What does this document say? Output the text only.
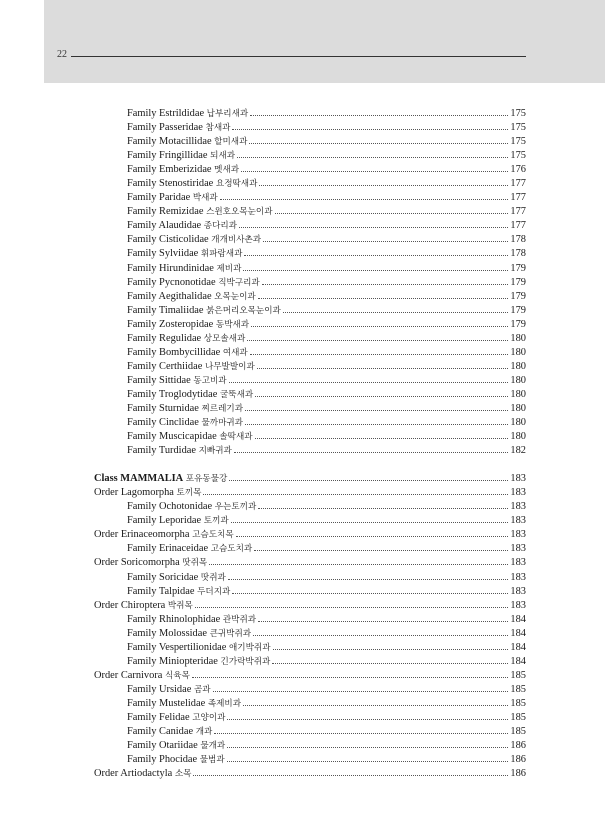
22
Family Estrildidae 납부리새과	175
Family Passeridae 참새과	175
Family Motacillidae 할미새과	175
Family Fringillidae 되새과	175
Family Emberizidae 멧새과	176
Family Stenostiridae 요정딱새과	177
Family Paridae 박새과	177
Family Remizidae 스윈호오목눈이과	177
Family Alaudidae 종다리과	177
Family Cisticolidae 개개비사촌과	178
Family Sylviidae 휘파람새과	178
Family Hirundinidae 제비과	179
Family Pycnonotidae 직박구리과	179
Family Aegithalidae 오목눈이과	179
Family Timaliidae 붉은머리오목눈이과	179
Family Zosteropidae 동박새과	179
Family Regulidae 상모솔새과	180
Family Bombycillidae 여새과	180
Family Certhiidae 나무발발이과	180
Family Sittidae 동고비과	180
Family Troglodytidae 굴뚝새과	180
Family Sturnidae 찌르레기과	180
Family Cinclidae 물까마귀과	180
Family Muscicapidae 솔딱새과	180
Family Turdidae 지빠귀과	182
Class MAMMALIA 포유동물강	183
Order Lagomorpha 토끼목	183
Family Ochotonidae 우는토끼과	183
Family Leporidae 토끼과	183
Order Erinaceomorpha 고슴도치목	183
Family Erinaceidae 고슴도치과	183
Order Soricomorpha 땃쥐목	183
Family Soricidae 땃쥐과	183
Family Talpidae 두더지과	183
Order Chiroptera 박쥐목	183
Family Rhinolophidae 관박쥐과	184
Family Molossidae 큰귀박쥐과	184
Family Vespertilionidae 애기박쥐과	184
Family Miniopteridae 긴가락박쥐과	184
Order Carnivora 식육목	185
Family Ursidae 곰과	185
Family Mustelidae 족제비과	185
Family Felidae 고양이과	185
Family Canidae 개과	185
Family Otariidae 물개과	186
Family Phocidae 물범과	186
Order Artiodactyla 소목	186
